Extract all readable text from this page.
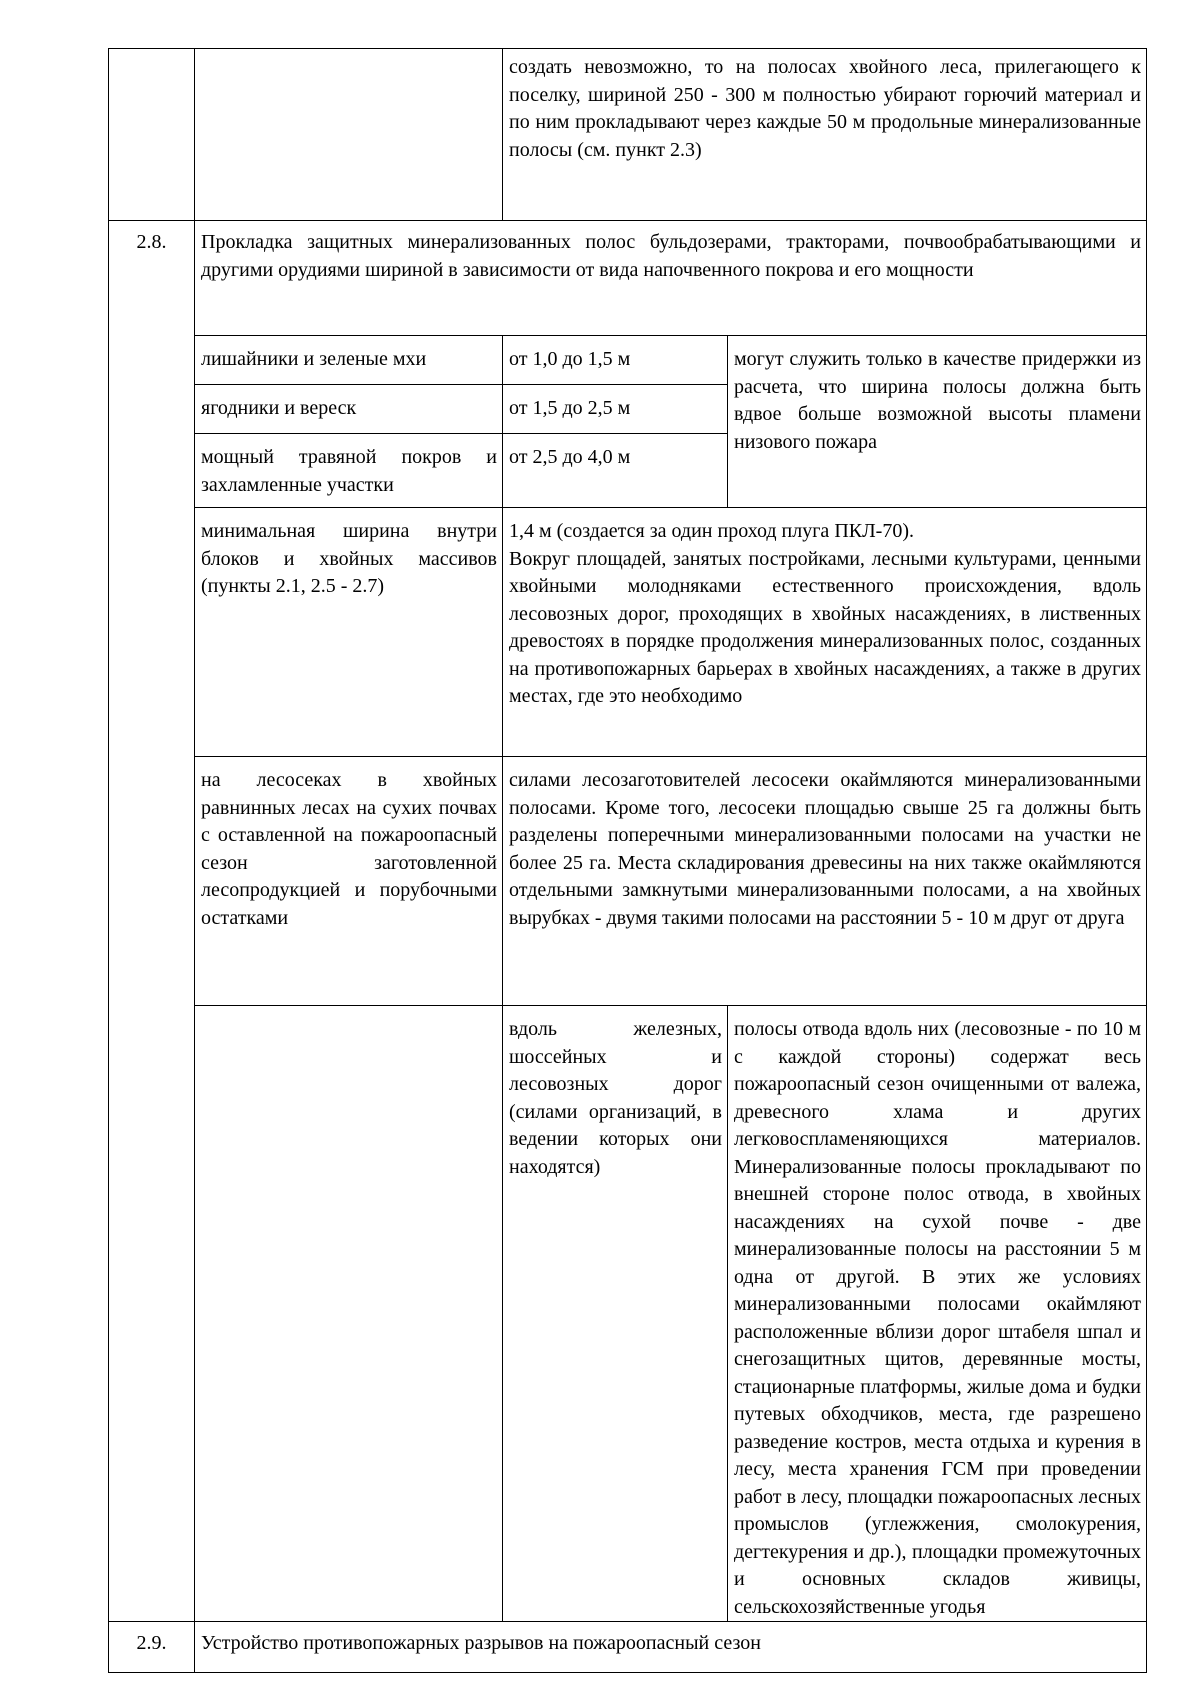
		создать невозможно, то на полосах хвойного леса, прилегающего к поселку, шириной 250 - 300 м полностью убирают горючий материал и по ним прокладывают через каждые 50 м продольные минерализованные полосы (см. пункт 2.3)	
2.8.	Прокладка защитных минерализованных полос бульдозерами, тракторами, почвообрабатывающими и другими орудиями шириной в зависимости от вида напочвенного покрова и его мощности		
	лишайники и зеленые мхи	от 1,0 до 1,5 м	могут служить только в качестве придержки из расчета, что ширина полосы должна быть вдвое больше возможной высоты пламени низового пожара
	ягодники и вереск	от 1,5 до 2,5 м	
	мощный травяной покров и захламленные участки	от 2,5 до 4,0 м	
	минимальная ширина внутри блоков и хвойных массивов (пункты 2.1, 2.5 - 2.7)	1,4 м (создается за один проход плуга ПКЛ-70).
Вокруг площадей, занятых постройками, лесными культурами, ценными хвойными молодняками естественного происхождения, вдоль лесовозных дорог, проходящих в хвойных насаждениях, в лиственных древостоях в порядке продолжения минерализованных полос, созданных на противопожарных барьерах в хвойных насаждениях, а также в других местах, где это необходимо	

	на лесосеках в хвойных равнинных лесах на сухих почвах с оставленной на пожароопасный сезон заготовленной лесопродукцией и порубочными остатками	силами лесозаготовителей лесосеки окаймляются минерализованными полосами. Кроме того, лесосеки площадью свыше 25 га должны быть разделены поперечными минерализованными полосами на участки не более 25 га. Места складирования древесины на них также окаймляются отдельными замкнутыми минерализованными полосами, а на хвойных вырубках - двумя такими полосами на расстоянии 5 - 10 м друг от друга	
		вдоль железных, шоссейных и лесовозных дорог (силами организаций, в ведении которых они находятся)	полосы отвода вдоль них (лесовозные - по 10 м с каждой стороны) содержат весь пожароопасный сезон очищенными от валежа, древесного хлама и других легковоспламеняющихся материалов. Минерализованные полосы прокладывают по внешней стороне полос отвода, в хвойных насаждениях на сухой почве - две минерализованные полосы на расстоянии 5 м одна от другой. В этих же условиях минерализованными полосами окаймляют расположенные вблизи дорог штабеля шпал и снегозащитных щитов, деревянные мосты, стационарные платформы, жилые дома и будки путевых обходчиков, места, где разрешено разведение костров, места отдыха и курения в лесу, места хранения ГСМ при проведении работ в лесу, площадки пожароопасных лесных промыслов (углежжения, смолокурения, дегтекурения и др.), площадки промежуточных и основных складов живицы, сельскохозяйственные угодья
2.9.	Устройство противопожарных разрывов на пожароопасный сезон		
